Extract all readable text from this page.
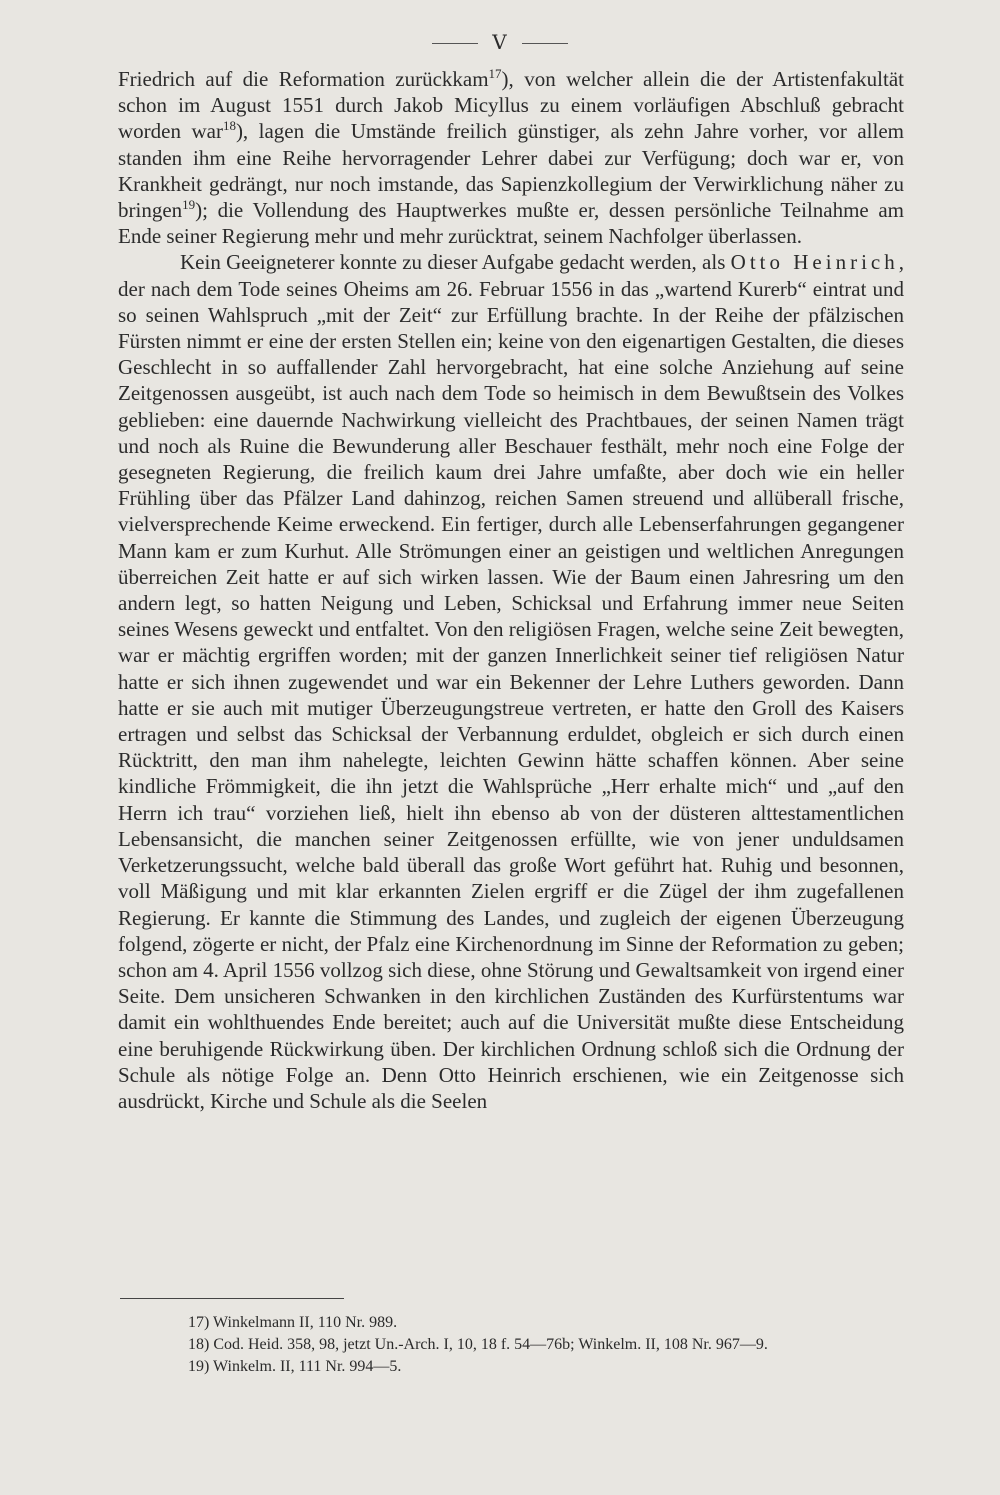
V

Friedrich auf die Reformation zurückkam$^{17}$), von welcher allein die der Artistenfakultät schon im August 1551 durch Jakob Micyllus zu einem vorläufigen Abschluß gebracht worden war$^{18}$), lagen die Umstände freilich günstiger, als zehn Jahre vorher, vor allem standen ihm eine Reihe hervorragender Lehrer dabei zur Verfügung; doch war er, von Krankheit gedrängt, nur noch imstande, das Sapienzkollegium der Verwirklichung näher zu bringen$^{19}$); die Vollendung des Hauptwerkes mußte er, dessen persönliche Teilnahme am Ende seiner Regierung mehr und mehr zurücktrat, seinem Nachfolger überlassen.

Kein Geeigneterer konnte zu dieser Aufgabe gedacht werden, als Otto Heinrich, der nach dem Tode seines Oheims am 26. Februar 1556 in das „wartend Kurerb“ eintrat und so seinen Wahlspruch „mit der Zeit“ zur Erfüllung brachte. In der Reihe der pfälzischen Fürsten nimmt er eine der ersten Stellen ein; keine von den eigenartigen Gestalten, die dieses Geschlecht in so auffallender Zahl hervorgebracht, hat eine solche Anziehung auf seine Zeitgenossen ausgeübt, ist auch nach dem Tode so heimisch in dem Bewußtsein des Volkes geblieben: eine dauernde Nachwirkung vielleicht des Prachtbaues, der seinen Namen trägt und noch als Ruine die Bewunderung aller Beschauer festhält, mehr noch eine Folge der gesegneten Regierung, die freilich kaum drei Jahre umfaßte, aber doch wie ein heller Frühling über das Pfälzer Land dahinzog, reichen Samen streuend und allüberall frische, vielversprechende Keime erweckend. Ein fertiger, durch alle Lebenserfahrungen gegangener Mann kam er zum Kurhut. Alle Strömungen einer an geistigen und weltlichen Anregungen überreichen Zeit hatte er auf sich wirken lassen. Wie der Baum einen Jahresring um den andern legt, so hatten Neigung und Leben, Schicksal und Erfahrung immer neue Seiten seines Wesens geweckt und entfaltet. Von den religiösen Fragen, welche seine Zeit bewegten, war er mächtig ergriffen worden; mit der ganzen Innerlichkeit seiner tief religiösen Natur hatte er sich ihnen zugewendet und war ein Bekenner der Lehre Luthers geworden. Dann hatte er sie auch mit mutiger Überzeugungstreue vertreten, er hatte den Groll des Kaisers ertragen und selbst das Schicksal der Verbannung erduldet, obgleich er sich durch einen Rücktritt, den man ihm nahelegte, leichten Gewinn hätte schaffen können. Aber seine kindliche Frömmigkeit, die ihn jetzt die Wahlsprüche „Herr erhalte mich“ und „auf den Herrn ich trau“ vorziehen ließ, hielt ihn ebenso ab von der düsteren alttestamentlichen Lebensansicht, die manchen seiner Zeitgenossen erfüllte, wie von jener unduldsamen Verketzerungssucht, welche bald überall das große Wort geführt hat. Ruhig und besonnen, voll Mäßigung und mit klar erkannten Zielen ergriff er die Zügel der ihm zugefallenen Regierung. Er kannte die Stimmung des Landes, und zugleich der eigenen Überzeugung folgend, zögerte er nicht, der Pfalz eine Kirchenordnung im Sinne der Reformation zu geben; schon am 4. April 1556 vollzog sich diese, ohne Störung und Gewaltsamkeit von irgend einer Seite. Dem unsicheren Schwanken in den kirchlichen Zuständen des Kurfürstentums war damit ein wohlthuendes Ende bereitet; auch auf die Universität mußte diese Entscheidung eine beruhigende Rückwirkung üben. Der kirchlichen Ordnung schloß sich die Ordnung der Schule als nötige Folge an. Denn Otto Heinrich erschienen, wie ein Zeitgenosse sich ausdrückt, Kirche und Schule als die Seelen

17) Winkelmann II, 110 Nr. 989.
18) Cod. Heid. 358, 98, jetzt Un.-Arch. I, 10, 18 f. 54—76b; Winkelm. II, 108 Nr. 967—9.
19) Winkelm. II, 111 Nr. 994—5.
